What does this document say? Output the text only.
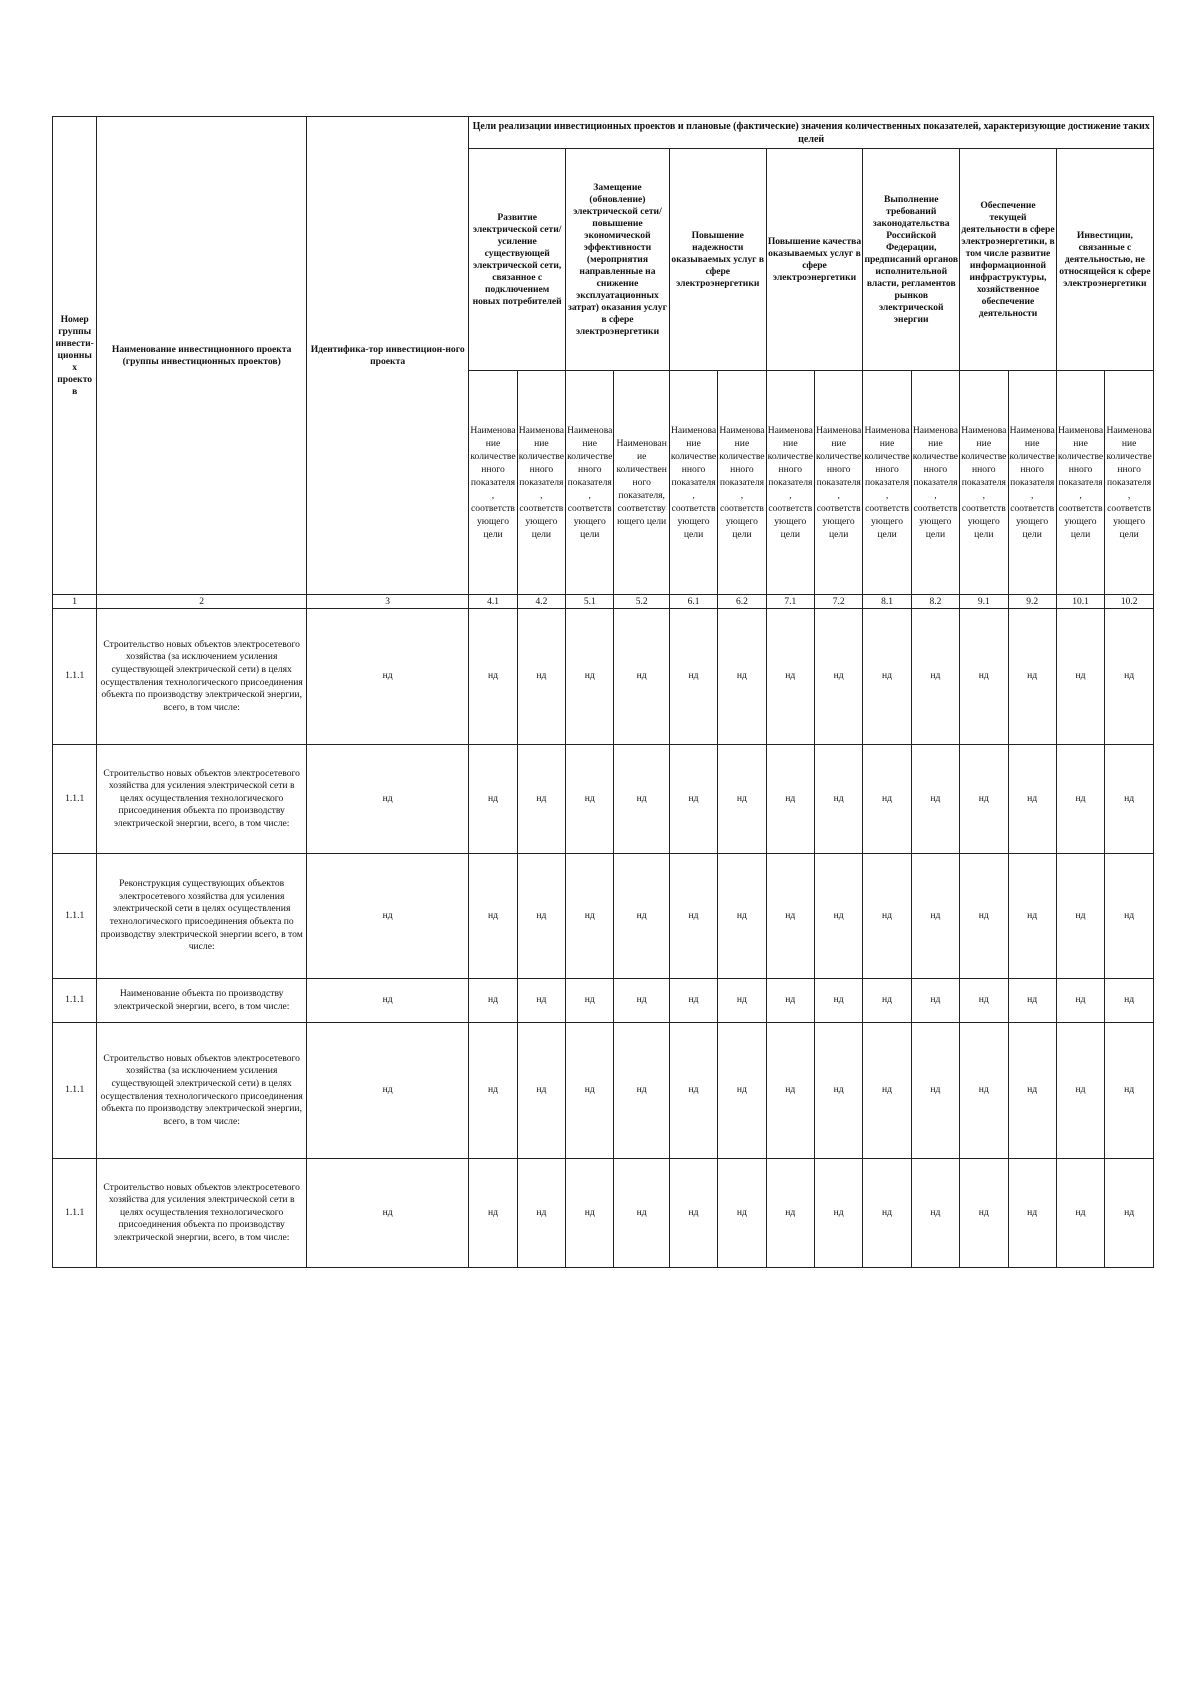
Номер группы инвести-ционны х проекто в	Наименование инвестиционного проекта (группы инвестиционных проектов)	Идентифика-тор инвестицион-ного проекта	Цели реализации инвестиционных проектов и плановые (фактические) значения количественных показателей, характеризующие достижение таких целей													
			Развитие электрической сети/усиление существующей электрической сети, связанное с подключением новых потребителей		Замещение (обновление) электрической сети/повышение экономической эффективности (мероприятия направленные на снижение эксплуатационных затрат) оказания услуг в сфере электроэнергетики		Повышение надежности оказываемых услуг в сфере электроэнергетики		Повышение качества оказываемых услуг в сфере электроэнергетики		Выполнение требований законодательства Российской Федерации, предписаний органов исполнительной власти, регламентов рынков электрической энергии		Обеспечение текущей деятельности в сфере электроэнергетики, в том числе развитие информационной инфраструктуры, хозяйственное обеспечение деятельности		Инвестиции, связанные с деятельностью, не относящейся к сфере электроэнергетики	
			Наименование количественного показателя, соответствующего цели	Наименование количественного показателя, соответствующего цели	Наименование количественного показателя, соответствующего цели	Наименование количественного показателя, соответствующего цели	Наименование количественного показателя, соответствующего цели	Наименование количественного показателя, соответствующего цели	Наименование количественного показателя, соответствующего цели	Наименование количественного показателя, соответствующего цели	Наименование количественного показателя, соответствующего цели	Наименование количественного показателя, соответствующего цели	Наименование количественного показателя, соответствующего цели	Наименование количественного показателя, соответствующего цели	Наименование количественного показателя, соответствующего цели	Наименование количественного показателя, соответствующего цели
1	2	3	4.1	4.2	5.1	5.2	6.1	6.2	7.1	7.2	8.1	8.2	9.1	9.2	10.1	10.2
1.1.1	Строительство новых объектов электросетевого хозяйства (за исключением усиления существующей электрической сети) в целях осуществления технологического присоединения объекта по производству электрической энергии, всего, в том числе:	нд	нд	нд	нд	нд	нд	нд	нд	нд	нд	нд	нд	нд	нд	нд
1.1.1	Строительство новых объектов электросетевого хозяйства для усиления электрической сети в целях осуществления технологического присоединения объекта по производству электрической энергии, всего, в том числе:	нд	нд	нд	нд	нд	нд	нд	нд	нд	нд	нд	нд	нд	нд	нд
1.1.1	Реконструкция существующих объектов электросетевого хозяйства для усиления электрической сети в целях осуществления технологического присоединения объекта по производству электрической энергии всего, в том числе:	нд	нд	нд	нд	нд	нд	нд	нд	нд	нд	нд	нд	нд	нд	нд
1.1.1	Наименование объекта по производству электрической энергии, всего, в том числе:	нд	нд	нд	нд	нд	нд	нд	нд	нд	нд	нд	нд	нд	нд	нд
1.1.1	Строительство новых объектов электросетевого хозяйства (за исключением усиления существующей электрической сети) в целях осуществления технологического присоединения объекта по производству электрической энергии, всего, в том числе:	нд	нд	нд	нд	нд	нд	нд	нд	нд	нд	нд	нд	нд	нд	нд
1.1.1	Строительство новых объектов электросетевого хозяйства для усиления электрической сети в целях осуществления технологического присоединения объекта по производству электрической энергии, всего, в том числе:	нд	нд	нд	нд	нд	нд	нд	нд	нд	нд	нд	нд	нд	нд	нд
